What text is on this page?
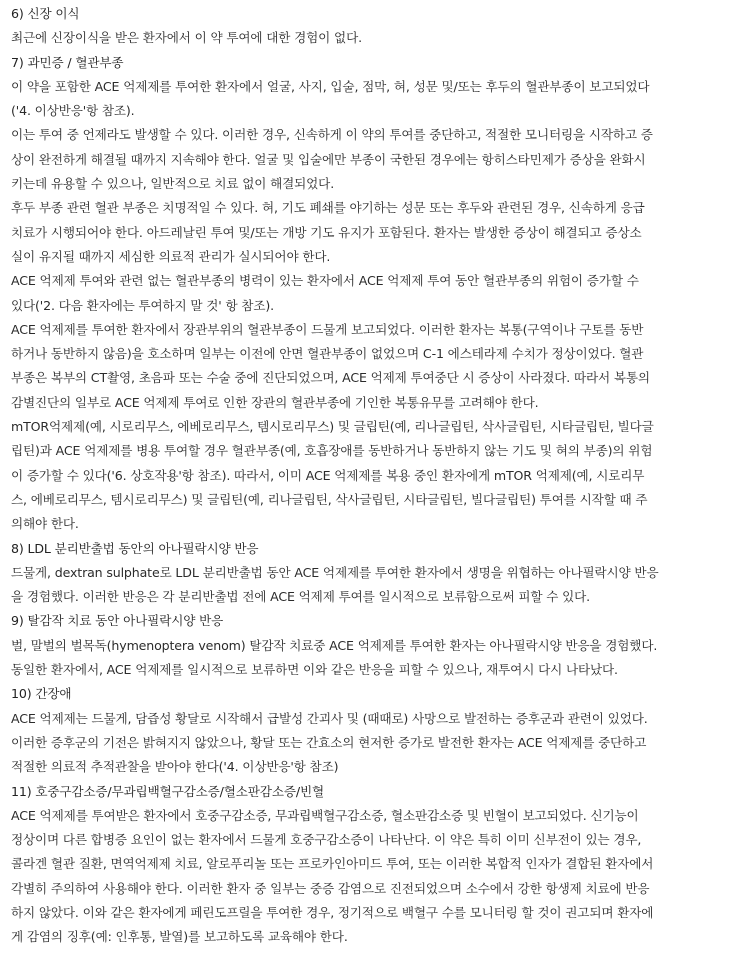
6) 신장 이식
최근에 신장이식을 받은 환자에서 이 약 투여에 대한 경험이 없다.
7) 과민증 / 혈관부종
이 약을 포함한 ACE 억제제를 투여한 환자에서 얼굴, 사지, 입술, 점막, 혀, 성문 및/또는 후두의 혈관부종이 보고되었다
('4. 이상반응'항 참조).
이는 투여 중 언제라도 발생할 수 있다. 이러한 경우, 신속하게 이 약의 투여를 중단하고, 적절한 모니터링을 시작하고 증
상이 완전하게 해결될 때까지 지속해야 한다. 얼굴 및 입술에만 부종이 국한된 경우에는 항히스타민제가 증상을 완화시
키는데 유용할 수 있으나, 일반적으로 치료 없이 해결되었다.
후두 부종 관련 혈관 부종은 치명적일 수 있다. 혀, 기도 폐쇄를 야기하는 성문 또는 후두와 관련된 경우, 신속하게 응급
치료가 시행되어야 한다. 아드레날린 투여 및/또는 개방 기도 유지가 포함된다. 환자는 발생한 증상이 해결되고 증상소
실이 유지될 때까지 세심한 의료적 관리가 실시되어야 한다.
ACE 억제제 투여와 관련 없는 혈관부종의 병력이 있는 환자에서 ACE 억제제 투여 동안 혈관부종의 위험이 증가할 수
있다('2. 다음 환자에는 투여하지 말 것' 항 참조).
ACE 억제제를 투여한 환자에서 장관부위의 혈관부종이 드물게 보고되었다. 이러한 환자는 복통(구역이나 구토를 동반
하거나 동반하지 않음)을 호소하며 일부는 이전에 안면 혈관부종이 없었으며 C-1 에스테라제 수치가 정상이었다. 혈관
부종은 복부의 CT촬영, 초음파 또는 수술 중에 진단되었으며, ACE 억제제 투여중단 시 증상이 사라졌다. 따라서 복통의
감별진단의 일부로 ACE 억제제 투여로 인한 장관의 혈관부종에 기인한 복통유무를 고려해야 한다.
mTOR억제제(예, 시로리무스, 에베로리무스, 템시로리무스) 및 글립틴(예, 리나글립틴, 삭사글립틴, 시타글립틴, 빌다글
립틴)과 ACE 억제제를 병용 투여할 경우 혈관부종(예, 호흡장애를 동반하거나 동반하지 않는 기도 및 혀의 부종)의 위험
이 증가할 수 있다('6. 상호작용'항 참조). 따라서, 이미 ACE 억제제를 복용 중인 환자에게 mTOR 억제제(예, 시로리무
스, 에베로리무스, 템시로리무스) 및 글립틴(예, 리나글립틴, 삭사글립틴, 시타글립틴, 빌다글립틴) 투여를 시작할 때 주
의해야 한다.
8) LDL 분리반출법 동안의 아나필락시양 반응
드물게, dextran sulphate로 LDL 분리반출법 동안 ACE 억제제를 투여한 환자에서 생명을 위협하는 아나필락시양 반응
을 경험했다. 이러한 반응은 각 분리반출법 전에 ACE 억제제 투여를 일시적으로 보류함으로써 피할 수 있다.
9) 탈감작 치료 동안 아나필락시양 반응
벌, 말벌의 벌목독(hymenoptera venom) 탈감작 치료중 ACE 억제제를 투여한 환자는 아나필락시양 반응을 경험했다.
동일한 환자에서, ACE 억제제를 일시적으로 보류하면 이와 같은 반응을 피할 수 있으나, 재투여시 다시 나타났다.
10) 간장애
ACE 억제제는 드물게, 담즙성 황달로 시작해서 급발성 간괴사 및 (때때로) 사망으로 발전하는 증후군과 관련이 있었다.
이러한 증후군의 기전은 밝혀지지 않았으나, 황달 또는 간효소의 현저한 증가로 발전한 환자는 ACE 억제제를 중단하고
적절한 의료적 추적관찰을 받아야 한다('4. 이상반응'항 참조)
11) 호중구감소증/무과립백혈구감소증/혈소판감소증/빈혈
ACE 억제제를 투여받은 환자에서 호중구감소증, 무과립백혈구감소증, 혈소판감소증 및 빈혈이 보고되었다. 신기능이
정상이며 다른 합병증 요인이 없는 환자에서 드물게 호중구감소증이 나타난다. 이 약은 특히 이미 신부전이 있는 경우,
콜라겐 혈관 질환, 면역억제제 치료, 알로푸리놀 또는 프로카인아미드 투여, 또는 이러한 복합적 인자가 결합된 환자에서
각별히 주의하여 사용해야 한다. 이러한 환자 중 일부는 중증 감염으로 진전되었으며 소수에서 강한 항생제 치료에 반응
하지 않았다. 이와 같은 환자에게 페린도프릴을 투여한 경우, 정기적으로 백혈구 수를 모니터링 할 것이 권고되며 환자에
게 감염의 징후(예: 인후통, 발열)를 보고하도록 교육해야 한다.
